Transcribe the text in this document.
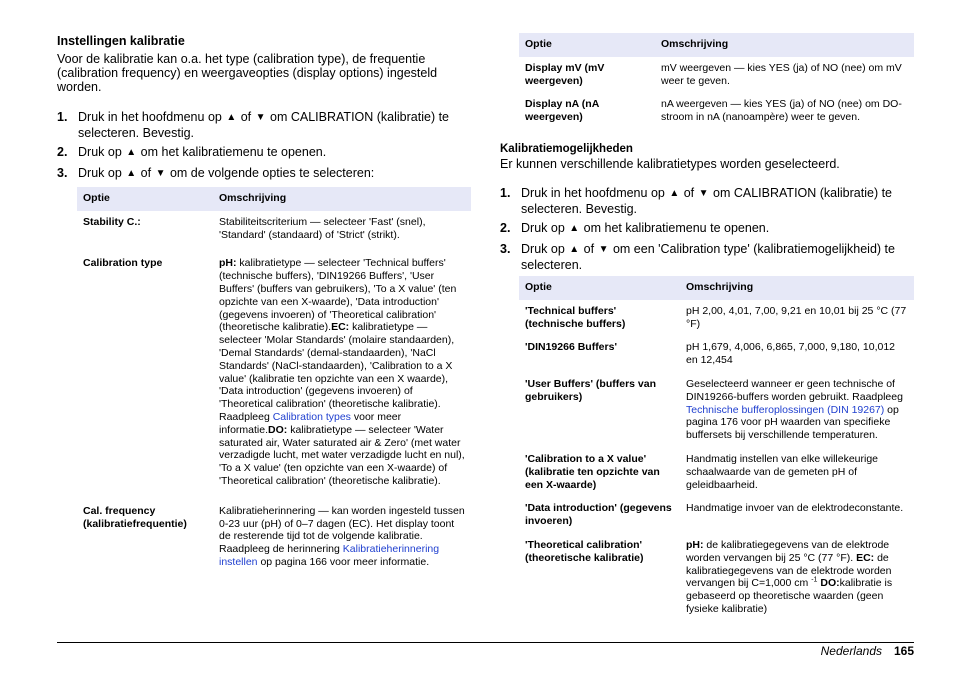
Instellingen kalibratie

Voor de kalibratie kan o.a. het type (calibration type), de frequentie (calibration frequency) en weergaveopties (display options) ingesteld worden.

1. Druk in het hoofdmenu op ▲ of ▼ om CALIBRATION (kalibratie) te selecteren. Bevestig.
2. Druk op ▲ om het kalibratiemenu te openen.
3. Druk op ▲ of ▼ om de volgende opties te selecteren:
Optie	Omschrijving
Stability C.:	Stabiliteitscriterium — selecteer 'Fast' (snel), 'Standard' (standaard) of 'Strict' (strikt).
Calibration type	pH: kalibratietype — selecteer 'Technical buffers' (technische buffers), 'DIN19266 Buffers', 'User Buffers' (buffers van gebruikers), 'To a X value' (ten opzichte van een X-waarde), 'Data introduction' (gegevens invoeren) of 'Theoretical calibration' (theoretische kalibratie).EC: kalibratietype — selecteer 'Molar Standards' (molaire standaarden), 'Demal Standards' (demal-standaarden), 'NaCl Standards' (NaCl-standaarden), 'Calibration to a X value' (kalibratie ten opzichte van een X waarde), 'Data introduction' (gegevens invoeren) of 'Theoretical calibration' (theoretische kalibratie). Raadpleeg Calibration types voor meer informatie.DO: kalibratietype — selecteer 'Water saturated air, Water saturated air & Zero' (met water verzadigde lucht, met water verzadigde lucht en nul), 'To a X value' (ten opzichte van een X-waarde) of 'Theoretical calibration' (theoretische kalibratie).
Cal. frequency (kalibratiefrequentie)	Kalibratieherinnering — kan worden ingesteld tussen 0-23 uur (pH) of 0–7 dagen (EC). Het display toont de resterende tijd tot de volgende kalibratie. Raadpleeg de herinnering Kalibratieherinnering instellen op pagina 166 voor meer informatie.
Optie	Omschrijving
Display mV (mV weergeven)	mV weergeven — kies YES (ja) of NO (nee) om mV weer te geven.
Display nA (nA weergeven)	nA weergeven — kies YES (ja) of NO (nee) om DO-stroom in nA (nanoampère) weer te geven.
Kalibratiemogelijkheden

Er kunnen verschillende kalibratietypes worden geselecteerd.

1. Druk in het hoofdmenu op ▲ of ▼ om CALIBRATION (kalibratie) te selecteren. Bevestig.
2. Druk op ▲ om het kalibratiemenu te openen.
3. Druk op ▲ of ▼ om een 'Calibration type' (kalibratiemogelijkheid) te selecteren.
Optie	Omschrijving
'Technical buffers' (technische buffers)	pH 2,00, 4,01, 7,00, 9,21 en 10,01 bij 25 °C (77 °F)
'DIN19266 Buffers'	pH 1,679, 4,006, 6,865, 7,000, 9,180, 10,012 en 12,454
'User Buffers' (buffers van gebruikers)	Geselecteerd wanneer er geen technische of DIN19266-buffers worden gebruikt. Raadpleeg Technische bufferoplossingen (DIN 19267) op pagina 176 voor pH waarden van specifieke buffersets bij verschillende temperaturen.
'Calibration to a X value' (kalibratie ten opzichte van een X-waarde)	Handmatig instellen van elke willekeurige schaalwaarde van de gemeten pH of geleidbaarheid.
'Data introduction' (gegevens invoeren)	Handmatige invoer van de elektrodeconstante.
'Theoretical calibration' (theoretische kalibratie)	pH: de kalibratiegegevens van de elektrode worden vervangen bij 25 °C (77 °F). EC: de kalibratiegegevens van de elektrode worden vervangen bij C=1,000 cm $^{-1}$ DO:kalibratie is gebaseerd op theoretische waarden (geen fysieke kalibratie)
Nederlands 165
